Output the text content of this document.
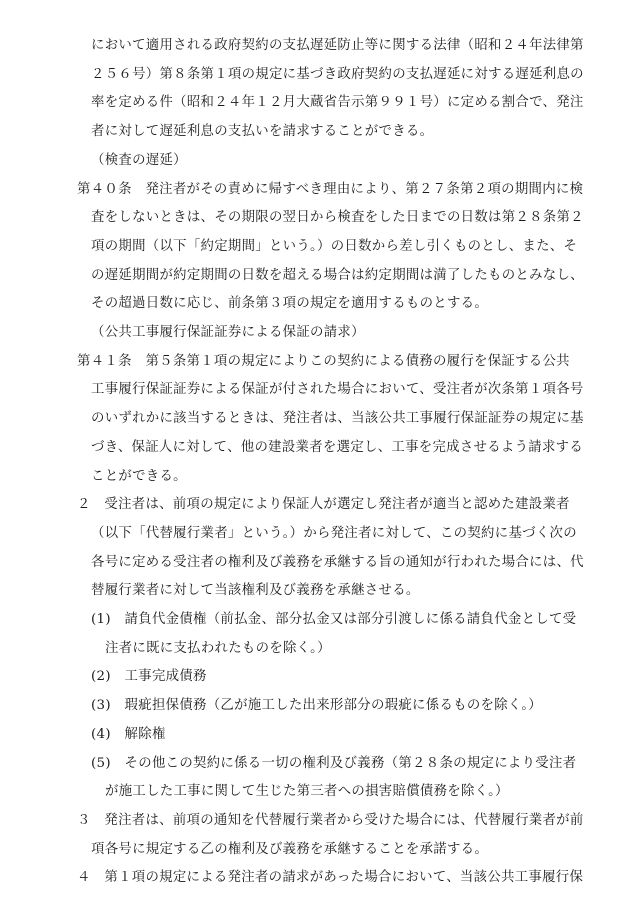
において適用される政府契約の支払遅延防止等に関する法律（昭和２４年法律第
２５６号）第８条第１項の規定に基づき政府契約の支払遅延に対する遅延利息の
率を定める件（昭和２４年１２月大蔵省告示第９９１号）に定める割合で、発注
者に対して遅延利息の支払いを請求することができる。
（検査の遅延）
第４０条　発注者がその責めに帰すべき理由により、第２７条第２項の期間内に検
査をしないときは、その期限の翌日から検査をした日までの日数は第２８条第２
項の期間（以下「約定期間」という。）の日数から差し引くものとし、また、そ
の遅延期間が約定期間の日数を超える場合は約定期間は満了したものとみなし、
その超過日数に応じ、前条第３項の規定を適用するものとする。
（公共工事履行保証証券による保証の請求）
第４１条　第５条第１項の規定によりこの契約による債務の履行を保証する公共
工事履行保証証券による保証が付された場合において、受注者が次条第１項各号
のいずれかに該当するときは、発注者は、当該公共工事履行保証証券の規定に基
づき、保証人に対して、他の建設業者を選定し、工事を完成させるよう請求する
ことができる。
２　受注者は、前項の規定により保証人が選定し発注者が適当と認めた建設業者
（以下「代替履行業者」という。）から発注者に対して、この契約に基づく次の
各号に定める受注者の権利及び義務を承継する旨の通知が行われた場合には、代
替履行業者に対して当該権利及び義務を承継させる。
(1)　請負代金債権（前払金、部分払金又は部分引渡しに係る請負代金として受
注者に既に支払われたものを除く。）
(2)　工事完成債務
(3)　瑕疵担保債務（乙が施工した出来形部分の瑕疵に係るものを除く。）
(4)　解除権
(5)　その他この契約に係る一切の権利及び義務（第２８条の規定により受注者
が施工した工事に関して生じた第三者への損害賠償債務を除く。）
３　発注者は、前項の通知を代替履行業者から受けた場合には、代替履行業者が前
項各号に規定する乙の権利及び義務を承継することを承諾する。
４　第１項の規定による発注者の請求があった場合において、当該公共工事履行保
